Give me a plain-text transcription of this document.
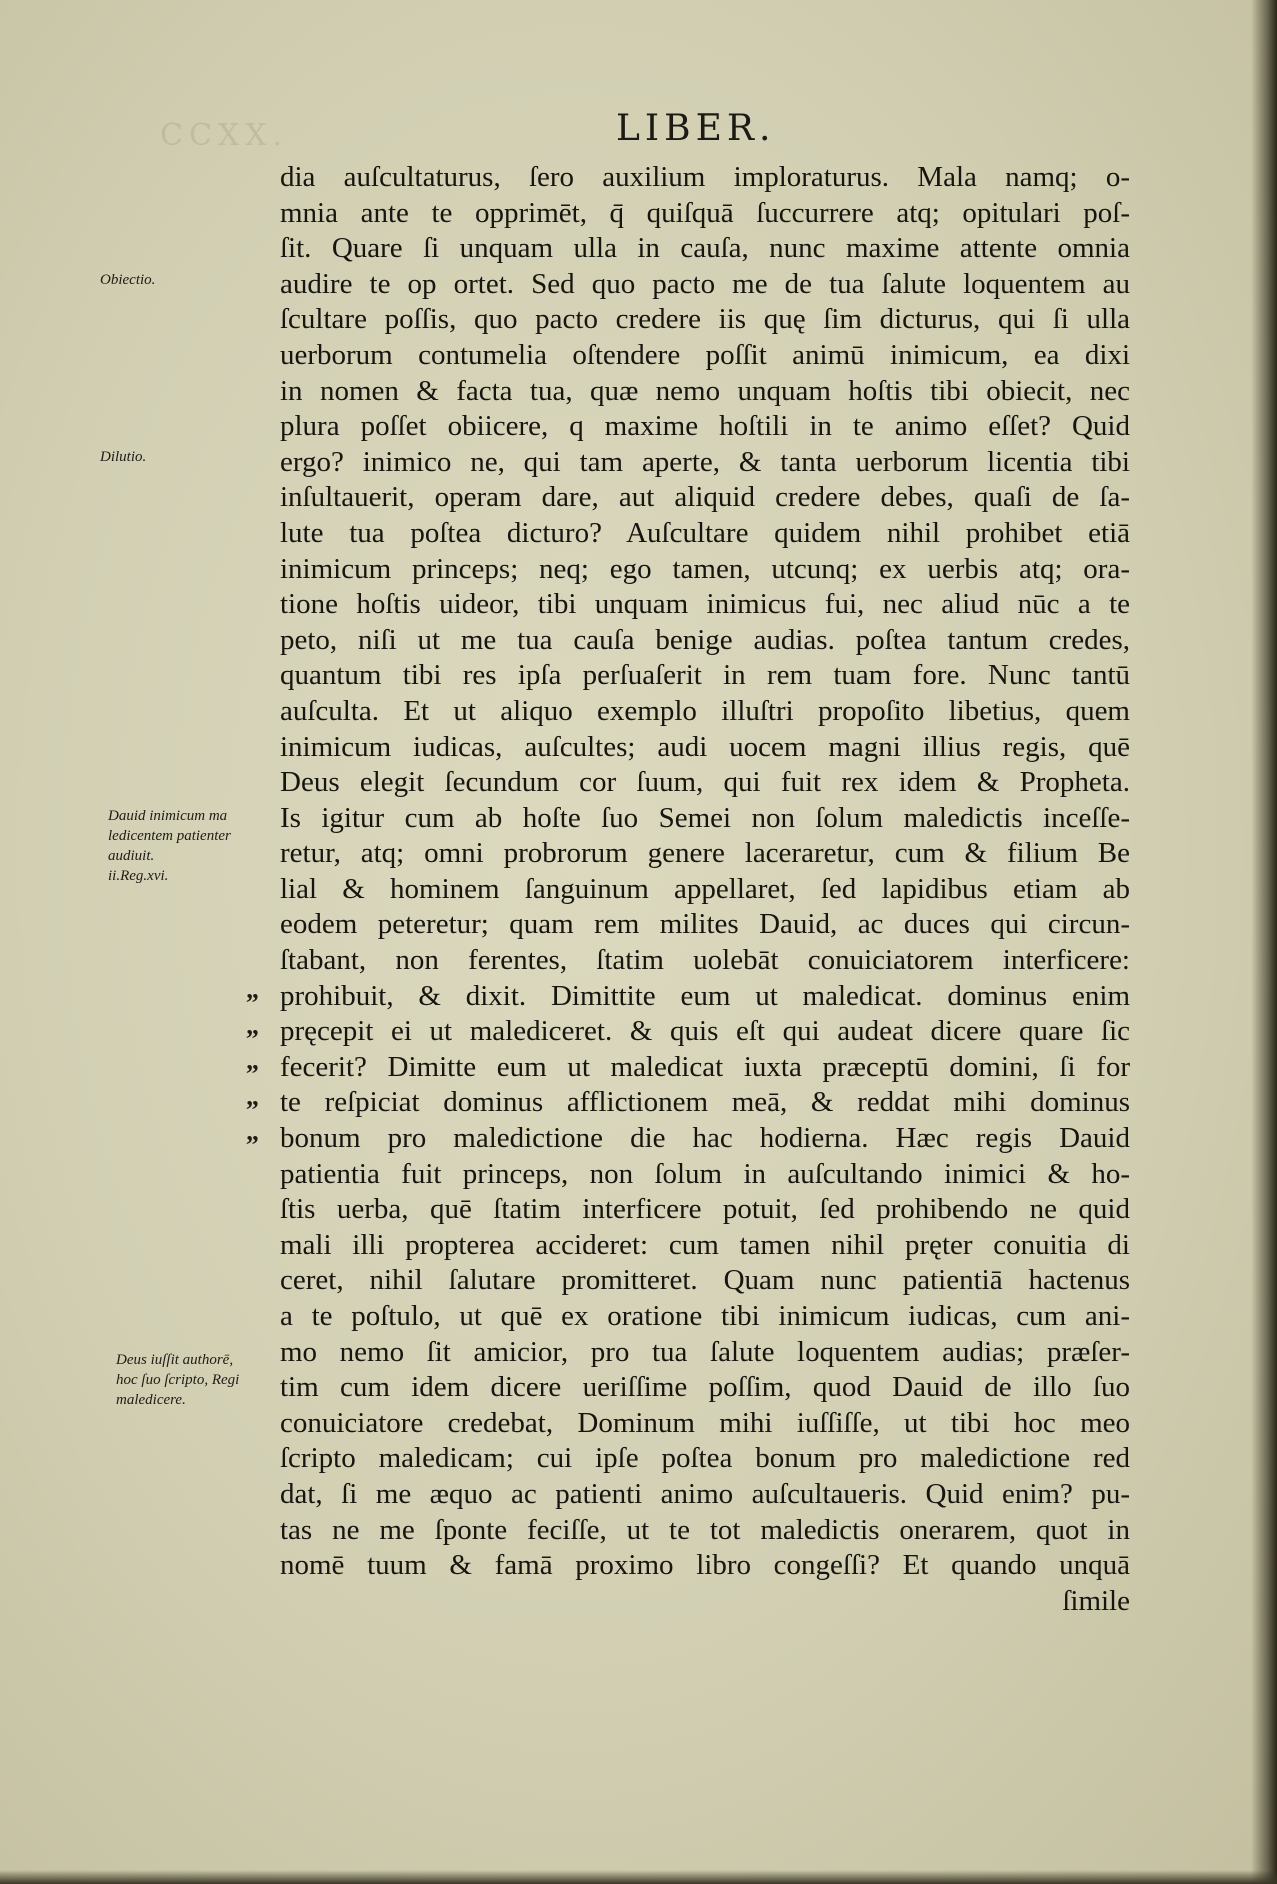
CCXX.	LIBER.
Obiectio.
Dilutio.
Dauid inimicum ma
ledicentem patienter
audiuit.
ii.Reg.xvi.
Deus iuſſit authorē,
hoc ſuo ſcripto, Regi
maledicere.
„
„
„
„
„
dia auſcultaturus, ſero auxilium imploraturus. Mala namq; o-
mnia ante te opprimēt, q̄ quiſquā ſuccurrere atq; opitulari poſ-
ſit. Quare ſi unquam ulla in cauſa, nunc maxime attente omnia
audire te op ortet. Sed quo pacto me de tua ſalute loquentem au
ſcultare poſſis, quo pacto credere iis quę ſim dicturus, qui ſi ulla
uerborum contumelia oſtendere poſſit animū inimicum, ea dixi
in nomen & facta tua, quæ nemo unquam hoſtis tibi obiecit, nec
plura poſſet obiicere, q maxime hoſtili in te animo eſſet? Quid
ergo? inimico ne, qui tam aperte, & tanta uerborum licentia tibi
inſultauerit, operam dare, aut aliquid credere debes, quaſi de ſa-
lute tua poſtea dicturo? Auſcultare quidem nihil prohibet etiā
inimicum princeps; neq; ego tamen, utcunq; ex uerbis atq; ora-
tione hoſtis uideor, tibi unquam inimicus fui, nec aliud nūc a te
peto, niſi ut me tua cauſa benige audias. poſtea tantum credes,
quantum tibi res ipſa perſuaſerit in rem tuam fore. Nunc tantū
auſculta. Et ut aliquo exemplo illuſtri propoſito libetius, quem
inimicum iudicas, auſcultes; audi uocem magni illius regis, quē
Deus elegit ſecundum cor ſuum, qui fuit rex idem & Propheta.
Is igitur cum ab hoſte ſuo Semei non ſolum maledictis inceſſe-
retur, atq; omni probrorum genere laceraretur, cum & filium Be
lial & hominem ſanguinum appellaret, ſed lapidibus etiam ab
eodem peteretur; quam rem milites Dauid, ac duces qui circun-
ſtabant, non ferentes, ſtatim uolebāt conuiciatorem interficere:
prohibuit, & dixit. Dimittite eum ut maledicat. dominus enim
pręcepit ei ut malediceret. & quis eſt qui audeat dicere quare ſic
fecerit? Dimitte eum ut maledicat iuxta præceptū domini, ſi for
te reſpiciat dominus afflictionem meā, & reddat mihi dominus
bonum pro maledictione die hac hodierna. Hæc regis Dauid
patientia fuit princeps, non ſolum in auſcultando inimici & ho-
ſtis uerba, quē ſtatim interficere potuit, ſed prohibendo ne quid
mali illi propterea accideret: cum tamen nihil pręter conuitia di
ceret, nihil ſalutare promitteret. Quam nunc patientiā hactenus
a te poſtulo, ut quē ex oratione tibi inimicum iudicas, cum ani-
mo nemo ſit amicior, pro tua ſalute loquentem audias; præſer-
tim cum idem dicere ueriſſime poſſim, quod Dauid de illo ſuo
conuiciatore credebat, Dominum mihi iuſſiſſe, ut tibi hoc meo
ſcripto maledicam; cui ipſe poſtea bonum pro maledictione red
dat, ſi me æquo ac patienti animo auſcultaueris. Quid enim? pu-
tas ne me ſponte feciſſe, ut te tot maledictis onerarem, quot in
nomē tuum & famā proximo libro congeſſi? Et quando unquā
ſimile
